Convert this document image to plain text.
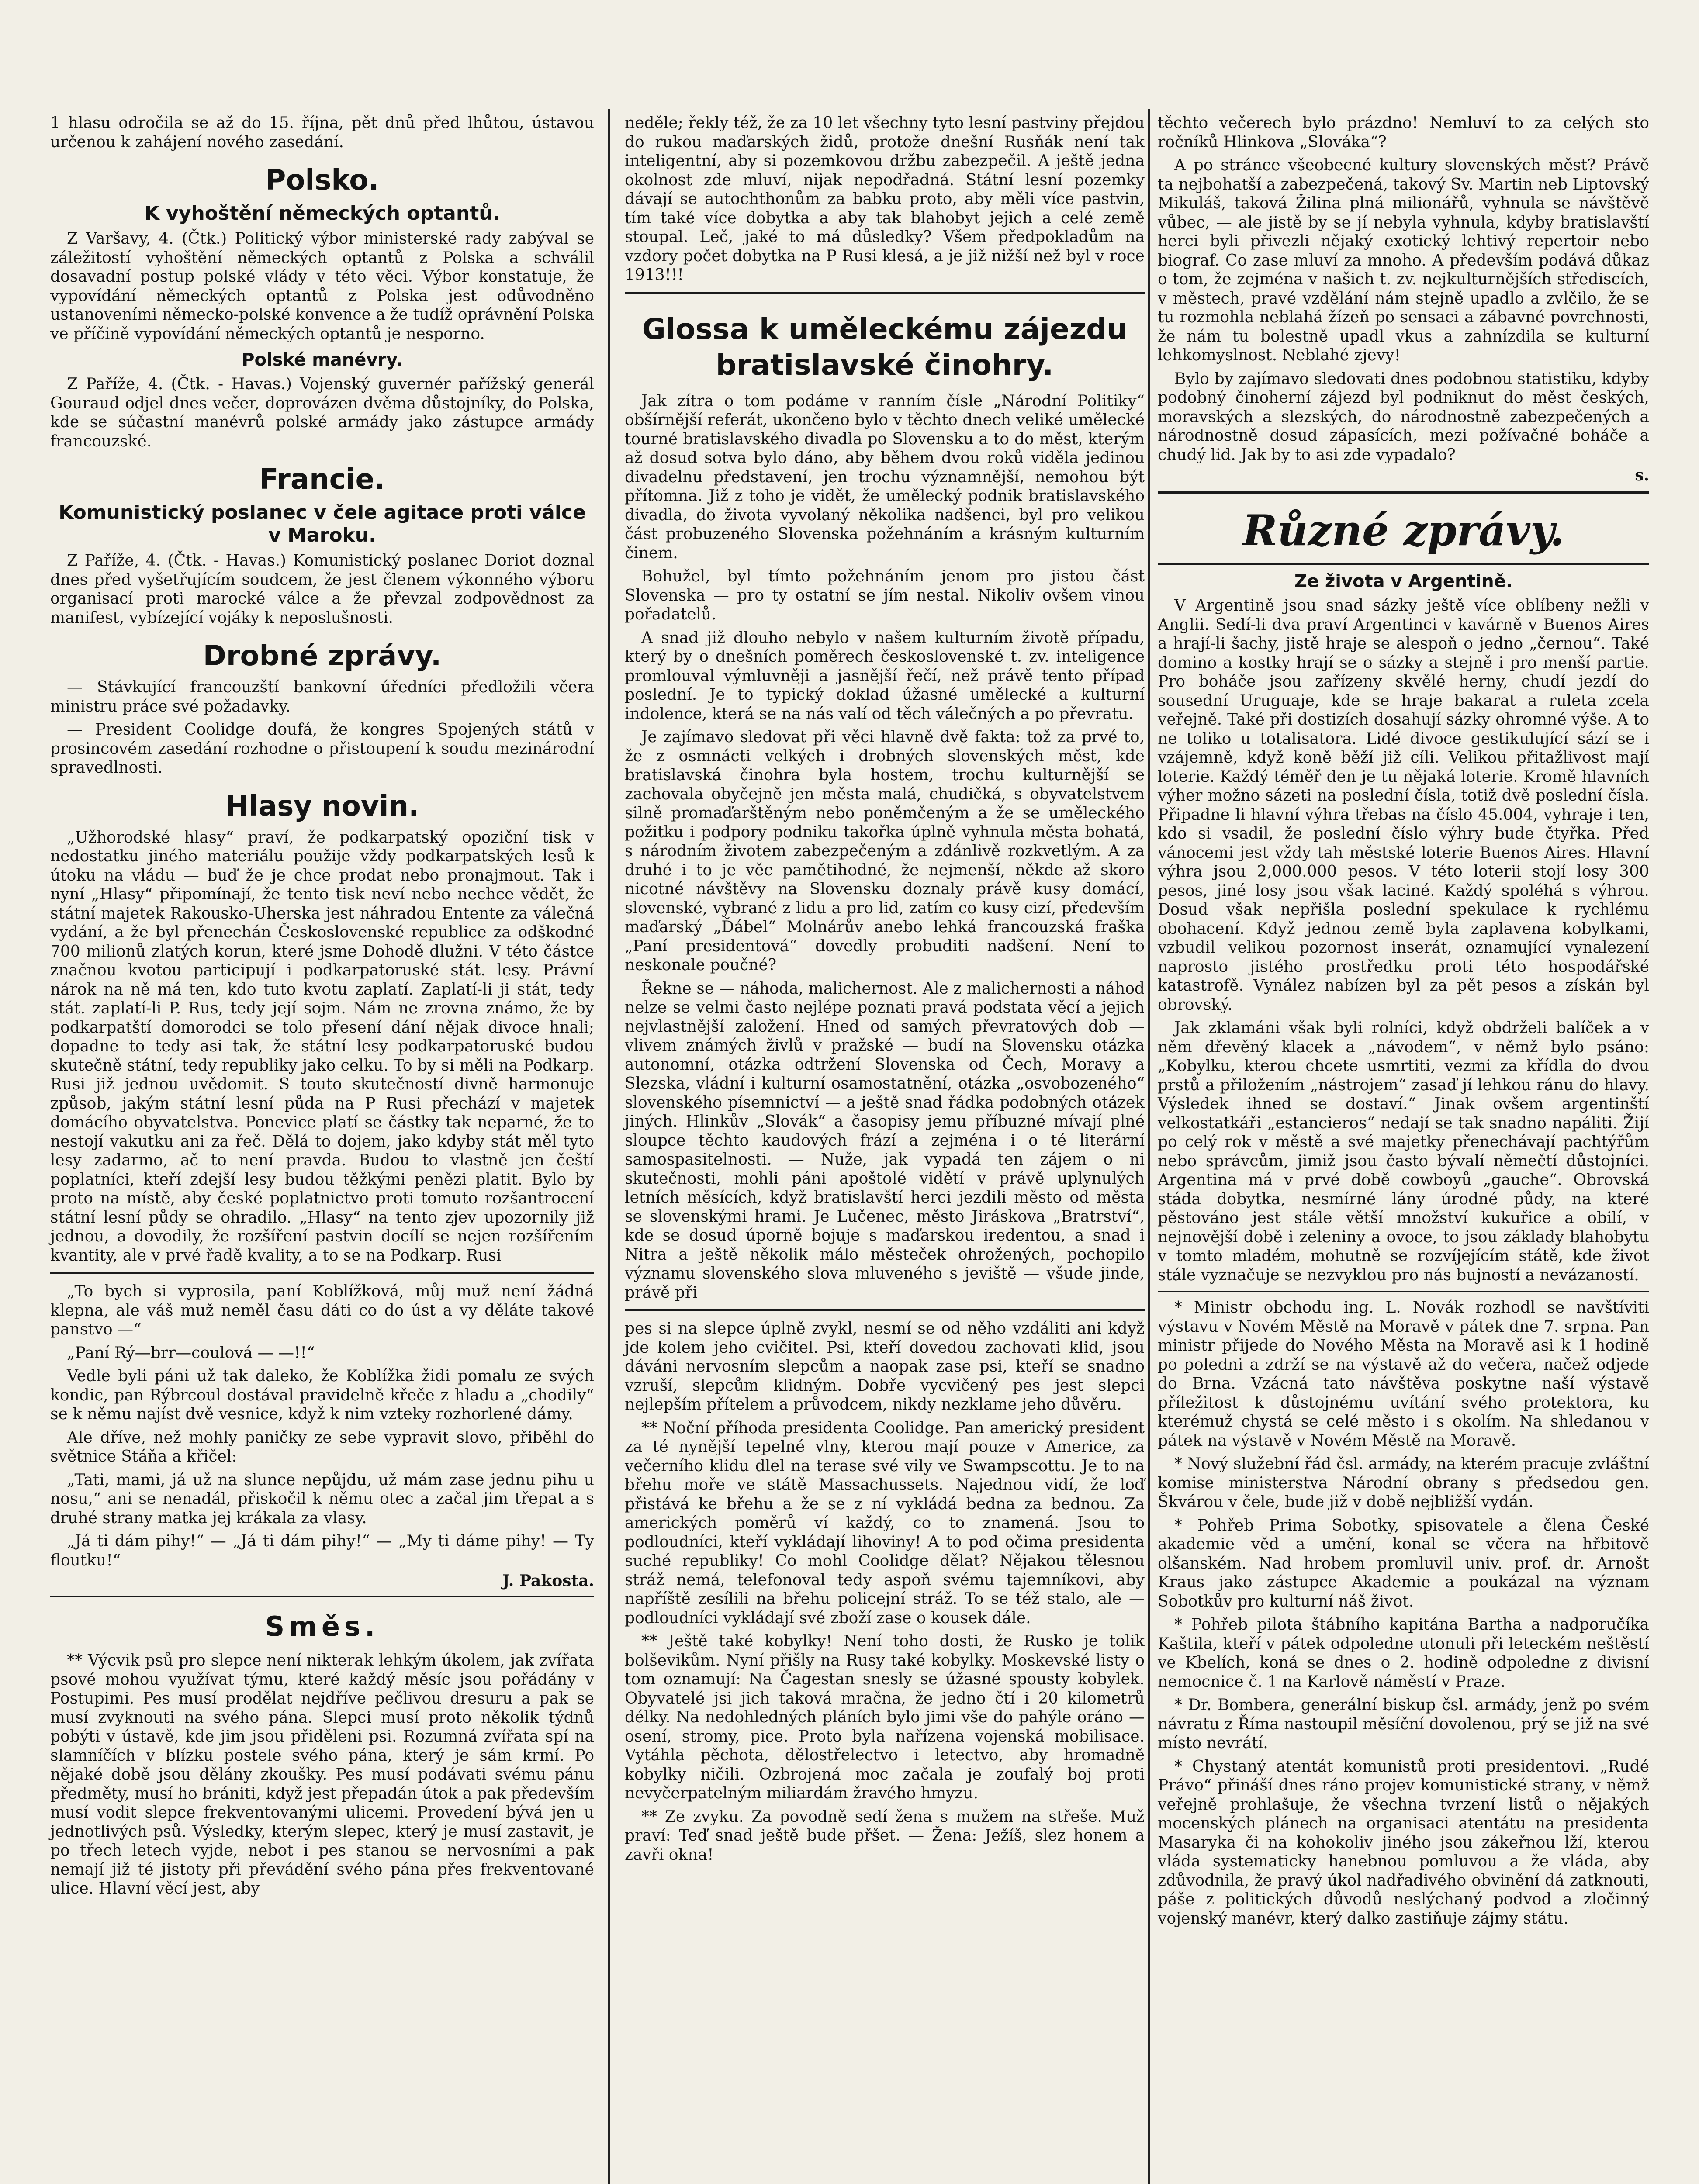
1 hlasu odročila se až do 15. října, pět dnů před lhůtou, ústavou určenou k zahájení nového zasedání.

Polsko.
K vyhoštění německých optantů.

Z Varšavy, 4. (Čtk.) Politický výbor ministerské rady zabýval se záležitostí vyhoštění německých optantů z Polska a schválil dosavadní postup polské vlády v této věci. Výbor konstatuje, že vypovídání německých optantů z Polska jest odůvodněno ustanoveními německo-polské konvence a že tudíž oprávnění Polska ve příčině vypovídání německých optantů je nesporno.

Polské manévry.

Z Paříže, 4. (Čtk. - Havas.) Vojenský guvernér pařížský generál Gouraud odjel dnes večer, doprovázen dvěma důstojníky, do Polska, kde se súčastní manévrů polské armády jako zástupce armády francouzské.

Francie.
Komunistický poslanec v čele agitace proti válce v Maroku.

Z Paříže, 4. (Čtk. - Havas.) Komunistický poslanec Doriot doznal dnes před vyšetřujícím soudcem, že jest členem výkonného výboru organisací proti marocké válce a že převzal zodpovědnost za manifest, vybízející vojáky k neposlušnosti.

Drobné zprávy.

— Stávkující francouzští bankovní úředníci předložili včera ministru práce své požadavky.

— President Coolidge doufá, že kongres Spojených států v prosincovém zasedání rozhodne o přistoupení k soudu mezinárodní spravedlnosti.

Hlasy novin.

„Užhorodské hlasy“ praví, že podkarpatský opoziční tisk v nedostatku jiného materiálu použije vždy podkarpatských lesů k útoku na vládu — buď že je chce prodat nebo pronajmout. Tak i nyní „Hlasy“ připomínají, že tento tisk neví nebo nechce vědět, že státní majetek Rakousko-Uherska jest náhradou Entente za válečná vydání, a že byl přenechán Československé republice za odškodné 700 milionů zlatých korun, které jsme Dohodě dlužni. V této částce značnou kvotou participují i podkarpatoruské stát. lesy. Právní nárok na ně má ten, kdo tuto kvotu zaplatí. Zaplatí-li ji stát, tedy stát. zaplatí-li P. Rus, tedy její sojm. Nám ne zrovna známo, že by podkarpatští domorodci se tolo přesení dání nějak divoce hnali; dopadne to tedy asi tak, že státní lesy podkarpatoruské budou skutečně státní, tedy republiky jako celku. To by si měli na Podkarp. Rusi již jednou uvědomit. S touto skutečností divně harmonuje způsob, jakým státní lesní půda na P Rusi přechází v majetek domácího obyvatelstva. Ponevice platí se částky tak neparné, že to nestojí vakutku ani za řeč. Dělá to dojem, jako kdyby stát měl tyto lesy zadarmo, ač to není pravda. Budou to vlastně jen čeští poplatníci, kteří zdejší lesy budou těžkými penězi platit. Bylo by proto na místě, aby české poplatnictvo proti tomuto rozšantrocení státní lesní půdy se ohradilo. „Hlasy“ na tento zjev upozornily již jednou, a dovodily, že rozšíření pastvin docílí se nejen rozšířením kvantity, ale v prvé řadě kvality, a to se na Podkarp. Rusi

„To bych si vyprosila, paní Koblížková, můj muž není žádná klepna, ale váš muž neměl času dáti co do úst a vy děláte takové panstvo —“

„Paní Rý—brr—coulová — —!!“

Vedle byli páni už tak daleko, že Koblížka židi pomalu ze svých kondic, pan Rýbrcoul dostával pravidelně křeče z hladu a „chodily“ se k němu najíst dvě vesnice, když k nim vzteky rozhorlené dámy.

Ale dříve, než mohly paničky ze sebe vypravit slovo, přiběhl do světnice Stáňa a křičel:

„Tati, mami, já už na slunce nepůjdu, už mám zase jednu pihu u nosu,“ ani se nenadál, přiskočil k němu otec a začal jim třepat a s druhé strany matka jej krákala za vlasy.

„Já ti dám pihy!“ — „Já ti dám pihy!“ — „My ti dáme pihy! — Ty floutku!“

J. Pakosta.
Směs.

** Výcvik psů pro slepce není nikterak lehkým úkolem, jak zvířata psové mohou využívat týmu, které každý měsíc jsou pořádány v Postupimi. Pes musí prodělat nejdříve pečlivou dresuru a pak se musí zvyknouti na svého pána. Slepci musí proto několik týdnů pobýti v ústavě, kde jim jsou přiděleni psi. Rozumná zvířata spí na slamníčích v blízku postele svého pána, který je sám krmí. Po nějaké době jsou dělány zkoušky. Pes musí podávati svému pánu předměty, musí ho brániti, když jest přepadán útok a pak především musí vodit slepce frekventovanými ulicemi. Provedení bývá jen u jednotlivých psů. Výsledky, kterým slepec, který je musí zastavit, je po třech letech vyjde, nebot i pes stanou se nervosními a pak nemají již té jistoty při převádění svého pána přes frekventované ulice. Hlavní věcí jest, aby

neděle; řekly též, že za 10 let všechny tyto lesní pastviny přejdou do rukou maďarských židů, protože dnešní Rusňák není tak inteligentní, aby si pozemkovou držbu zabezpečil. A ještě jedna okolnost zde mluví, nijak nepodřadná. Státní lesní pozemky dávají se autochthonům za babku proto, aby měli více pastvin, tím také více dobytka a aby tak blahobyt jejich a celé země stoupal. Leč, jaké to má důsledky? Všem předpokladům na vzdory počet dobytka na P Rusi klesá, a je již nižší než byl v roce 1913!!!

Glossa k uměleckému zájezdu bratislavské činohry.

Jak zítra o tom podáme v ranním čísle „Národní Politiky“ obšírnější referát, ukončeno bylo v těchto dnech veliké umělecké tourné bratislavského divadla po Slovensku a to do měst, kterým až dosud sotva bylo dáno, aby během dvou roků viděla jedinou divadelnu představení, jen trochu významnější, nemohou být přítomna. Již z toho je vidět, že umělecký podnik bratislavského divadla, do života vyvolaný několika nadšenci, byl pro velikou část probuzeného Slovenska požehnáním a krásným kulturním činem.

Bohužel, byl tímto požehnáním jenom pro jistou část Slovenska — pro ty ostatní se jím nestal. Nikoliv ovšem vinou pořadatelů.

A snad již dlouho nebylo v našem kulturním životě případu, který by o dnešních poměrech československé t. zv. inteligence promlouval výmluvněji a jasnější řečí, než právě tento případ poslední. Je to typický doklad úžasné umělecké a kulturní indolence, která se na nás valí od těch válečných a po převratu.

Je zajímavo sledovat při věci hlavně dvě fakta: tož za prvé to, že z osmnácti velkých i drobných slovenských měst, kde bratislavská činohra byla hostem, trochu kulturnější se zachovala obyčejně jen města malá, chudičká, s obyvatelstvem silně promaďarštěným nebo poněmčeným a že se uměleckého požitku i podpory podniku takořka úplně vyhnula města bohatá, s národním životem zabezpečeným a zdánlivě rozkvetlým. A za druhé i to je věc pamětihodné, že nejmenší, někde až skoro nicotné návštěvy na Slovensku doznaly právě kusy domácí, slovenské, vybrané z lidu a pro lid, zatím co kusy cizí, především maďarský „Ďábel“ Molnárův anebo lehká francouzská fraška „Paní presidentová“ dovedly probuditi nadšení. Není to neskonale poučné?

Řekne se — náhoda, malichernost. Ale z malichernosti a náhod nelze se velmi často nejlépe poznati pravá podstata věcí a jejich nejvlastnější založení. Hned od samých převratových dob — vlivem známých živlů v pražské — budí na Slovensku otázka autonomní, otázka odtržení Slovenska od Čech, Moravy a Slezska, vládní i kulturní osamostatnění, otázka „osvobozeného“ slovenského písemnictví — a ještě snad řádka podobných otázek jiných. Hlinkův „Slovák“ a časopisy jemu příbuzné mívají plné sloupce těchto kaudových frází a zejména i o té literární samospasitelnosti. — Nuže, jak vypadá ten zájem o ni skutečnosti, mohli páni apoštolé vidětí v právě uplynulých letních měsících, když bratislavští herci jezdili město od města se slovenskými hrami. Je Lučenec, město Jiráskova „Bratrství“, kde se dosud úporně bojuje s maďarskou iredentou, a snad i Nitra a ještě několik málo městeček ohrožených, pochopilo významu slovenského slova mluveného s jeviště — všude jinde, právě při

pes si na slepce úplně zvykl, nesmí se od něho vzdáliti ani když jde kolem jeho cvičitel. Psi, kteří dovedou zachovati klid, jsou dáváni nervosním slepcům a naopak zase psi, kteří se snadno vzruší, slepcům klidným. Dobře vycvičený pes jest slepci nejlepším přítelem a průvodcem, nikdy nezklame jeho důvěru.

** Noční příhoda presidenta Coolidge. Pan americký president za té nynější tepelné vlny, kterou mají pouze v Americe, za večerního klidu dlel na terase své vily ve Swampscottu. Je to na břehu moře ve státě Massachussets. Najednou vidí, že loď přistává ke břehu a že se z ní vykládá bedna za bednou. Za amerických poměrů ví každý, co to znamená. Jsou to podloudníci, kteří vykládají lihoviny! A to pod očima presidenta suché republiky! Co mohl Coolidge dělat? Nějakou tělesnou stráž nemá, telefonoval tedy aspoň svému tajemníkovi, aby napříště zesílili na břehu policejní stráž. To se též stalo, ale — podloudníci vykládají své zboží zase o kousek dále.

** Ještě také kobylky! Není toho dosti, že Rusko je tolik bolševikům. Nyní přišly na Rusy také kobylky. Moskevské listy o tom oznamují: Na Čagestan snesly se úžasné spousty kobylek. Obyvatelé jsi jich taková mračna, že jedno čtí i 20 kilometrů délky. Na nedohledných pláních bylo jimi vše do pahýle oráno — osení, stromy, pice. Proto byla nařízena vojenská mobilisace. Vytáhla pěchota, dělostřelectvo i letectvo, aby hromadně kobylky ničili. Ozbrojená moc začala je zoufalý boj proti nevyčerpatelným miliardám žravého hmyzu.

** Ze zvyku. Za povodně sedí žena s mužem na střeše. Muž praví: Teď snad ještě bude přšet. — Žena: Ježíš, slez honem a zavři okna!

těchto večerech bylo prázdno! Nemluví to za celých sto ročníků Hlinkova „Slováka“?

A po stránce všeobecné kultury slovenských měst? Právě ta nejbohatší a zabezpečená, takový Sv. Martin neb Liptovský Mikuláš, taková Žilina plná milionářů, vyhnula se návštěvě vůbec, — ale jistě by se jí nebyla vyhnula, kdyby bratislavští herci byli přivezli nějaký exotický lehtivý repertoir nebo biograf. Co zase mluví za mnoho. A především podává důkaz o tom, že zejména v našich t. zv. nejkulturnějších střediscích, v městech, pravé vzdělání nám stejně upadlo a zvlčilo, že se tu rozmohla neblahá žízeň po sensaci a zábavné povrchnosti, že nám tu bolestně upadl vkus a zahnízdila se kulturní lehkomyslnost. Neblahé zjevy!

Bylo by zajímavo sledovati dnes podobnou statistiku, kdyby podobný činoherní zájezd byl podniknut do měst českých, moravských a slezských, do národnostně zabezpečených a národnostně dosud zápasících, mezi požívačné boháče a chudý lid. Jak by to asi zde vypadalo?

s.
Různé zprávy.
Ze života v Argentině.

V Argentině jsou snad sázky ještě více oblíbeny nežli v Anglii. Sedí-li dva praví Argentinci v kavárně v Buenos Aires a hrají-li šachy, jistě hraje se alespoň o jedno „černou“. Také domino a kostky hrají se o sázky a stejně i pro menší partie. Pro boháče jsou zařízeny skvělé herny, chudí jezdí do sousední Uruguaje, kde se hraje bakarat a ruleta zcela veřejně. Také při dostizích dosahují sázky ohromné výše. A to ne toliko u totalisatora. Lidé divoce gestikulující sází se i vzájemně, když koně běží již cíli. Velikou přitažlivost mají loterie. Každý téměř den je tu nějaká loterie. Kromě hlavních výher možno sázeti na poslední čísla, totiž dvě poslední čísla. Připadne li hlavní výhra třebas na číslo 45.004, vyhraje i ten, kdo si vsadil, že poslední číslo výhry bude čtyřka. Před vánocemi jest vždy tah městské loterie Buenos Aires. Hlavní výhra jsou 2,000.000 pesos. V této loterii stojí losy 300 pesos, jiné losy jsou však laciné. Každý spoléhá s výhrou. Dosud však nepřišla poslední spekulace k rychlému obohacení. Když jednou země byla zaplavena kobylkami, vzbudil velikou pozornost inserát, oznamující vynalezení naprosto jistého prostředku proti této hospodářské katastrofě. Vynález nabízen byl za pět pesos a získán byl obrovský.

Jak zklamáni však byli rolníci, když obdrželi balíček a v něm dřevěný klacek a „návodem“, v němž bylo psáno: „Kobylku, kterou chcete usmrtiti, vezmi za křídla do dvou prstů a přiložením „nástrojem“ zasaď jí lehkou ránu do hlavy. Výsledek ihned se dostaví.“ Jinak ovšem argentinští velkostatkáři „estancieros“ nedají se tak snadno napáliti. Žijí po celý rok v městě a své majetky přenechávají pachtýřům nebo správcům, jimiž jsou často bývalí němečtí důstojníci. Argentina má v prvé době cowboyů „gauche“. Obrovská stáda dobytka, nesmírné lány úrodné půdy, na které pěstováno jest stále větší množství kukuřice a obilí, v nejnovější době i zeleniny a ovoce, to jsou základy blahobytu v tomto mladém, mohutně se rozvíjejícím státě, kde život stále vyznačuje se nezvyklou pro nás bujností a nevázaností.

* Ministr obchodu ing. L. Novák rozhodl se navštíviti výstavu v Novém Městě na Moravě v pátek dne 7. srpna. Pan ministr přijede do Nového Města na Moravě asi k 1 hodině po poledni a zdrží se na výstavě až do večera, načež odjede do Brna. Vzácná tato návštěva poskytne naší výstavě příležitost k důstojnému uvítání svého protektora, ku kterémuž chystá se celé město i s okolím. Na shledanou v pátek na výstavě v Novém Městě na Moravě.

* Nový služební řád čsl. armády, na kterém pracuje zvláštní komise ministerstva Národní obrany s předsedou gen. Škvárou v čele, bude již v době nejbližší vydán.

* Pohřeb Prima Sobotky, spisovatele a člena České akademie věd a umění, konal se včera na hřbitově olšanském. Nad hrobem promluvil univ. prof. dr. Arnošt Kraus jako zástupce Akademie a poukázal na význam Sobotkův pro kulturní náš život.

* Pohřeb pilota štábního kapitána Bartha a nadporučíka Kaštila, kteří v pátek odpoledne utonuli při leteckém neštěstí ve Kbelích, koná se dnes o 2. hodině odpoledne z divisní nemocnice č. 1 na Karlově náměstí v Praze.

* Dr. Bombera, generální biskup čsl. armády, jenž po svém návratu z Říma nastoupil měsíční dovolenou, prý se již na své místo nevrátí.

* Chystaný atentát komunistů proti presidentovi. „Rudé Právo“ přináší dnes ráno projev komunistické strany, v němž veřejně prohlašuje, že všechna tvrzení listů o nějakých mocenských plánech na organisaci atentátu na presidenta Masaryka či na kohokoliv jiného jsou zákeřnou lží, kterou vláda systematicky hanebnou pomluvou a že vláda, aby zdůvodnila, že pravý úkol nadřadivého obvinění dá zatknouti, páše z politických důvodů neslýchaný podvod a zločinný vojenský manévr, který dalko zastiňuje zájmy státu.
